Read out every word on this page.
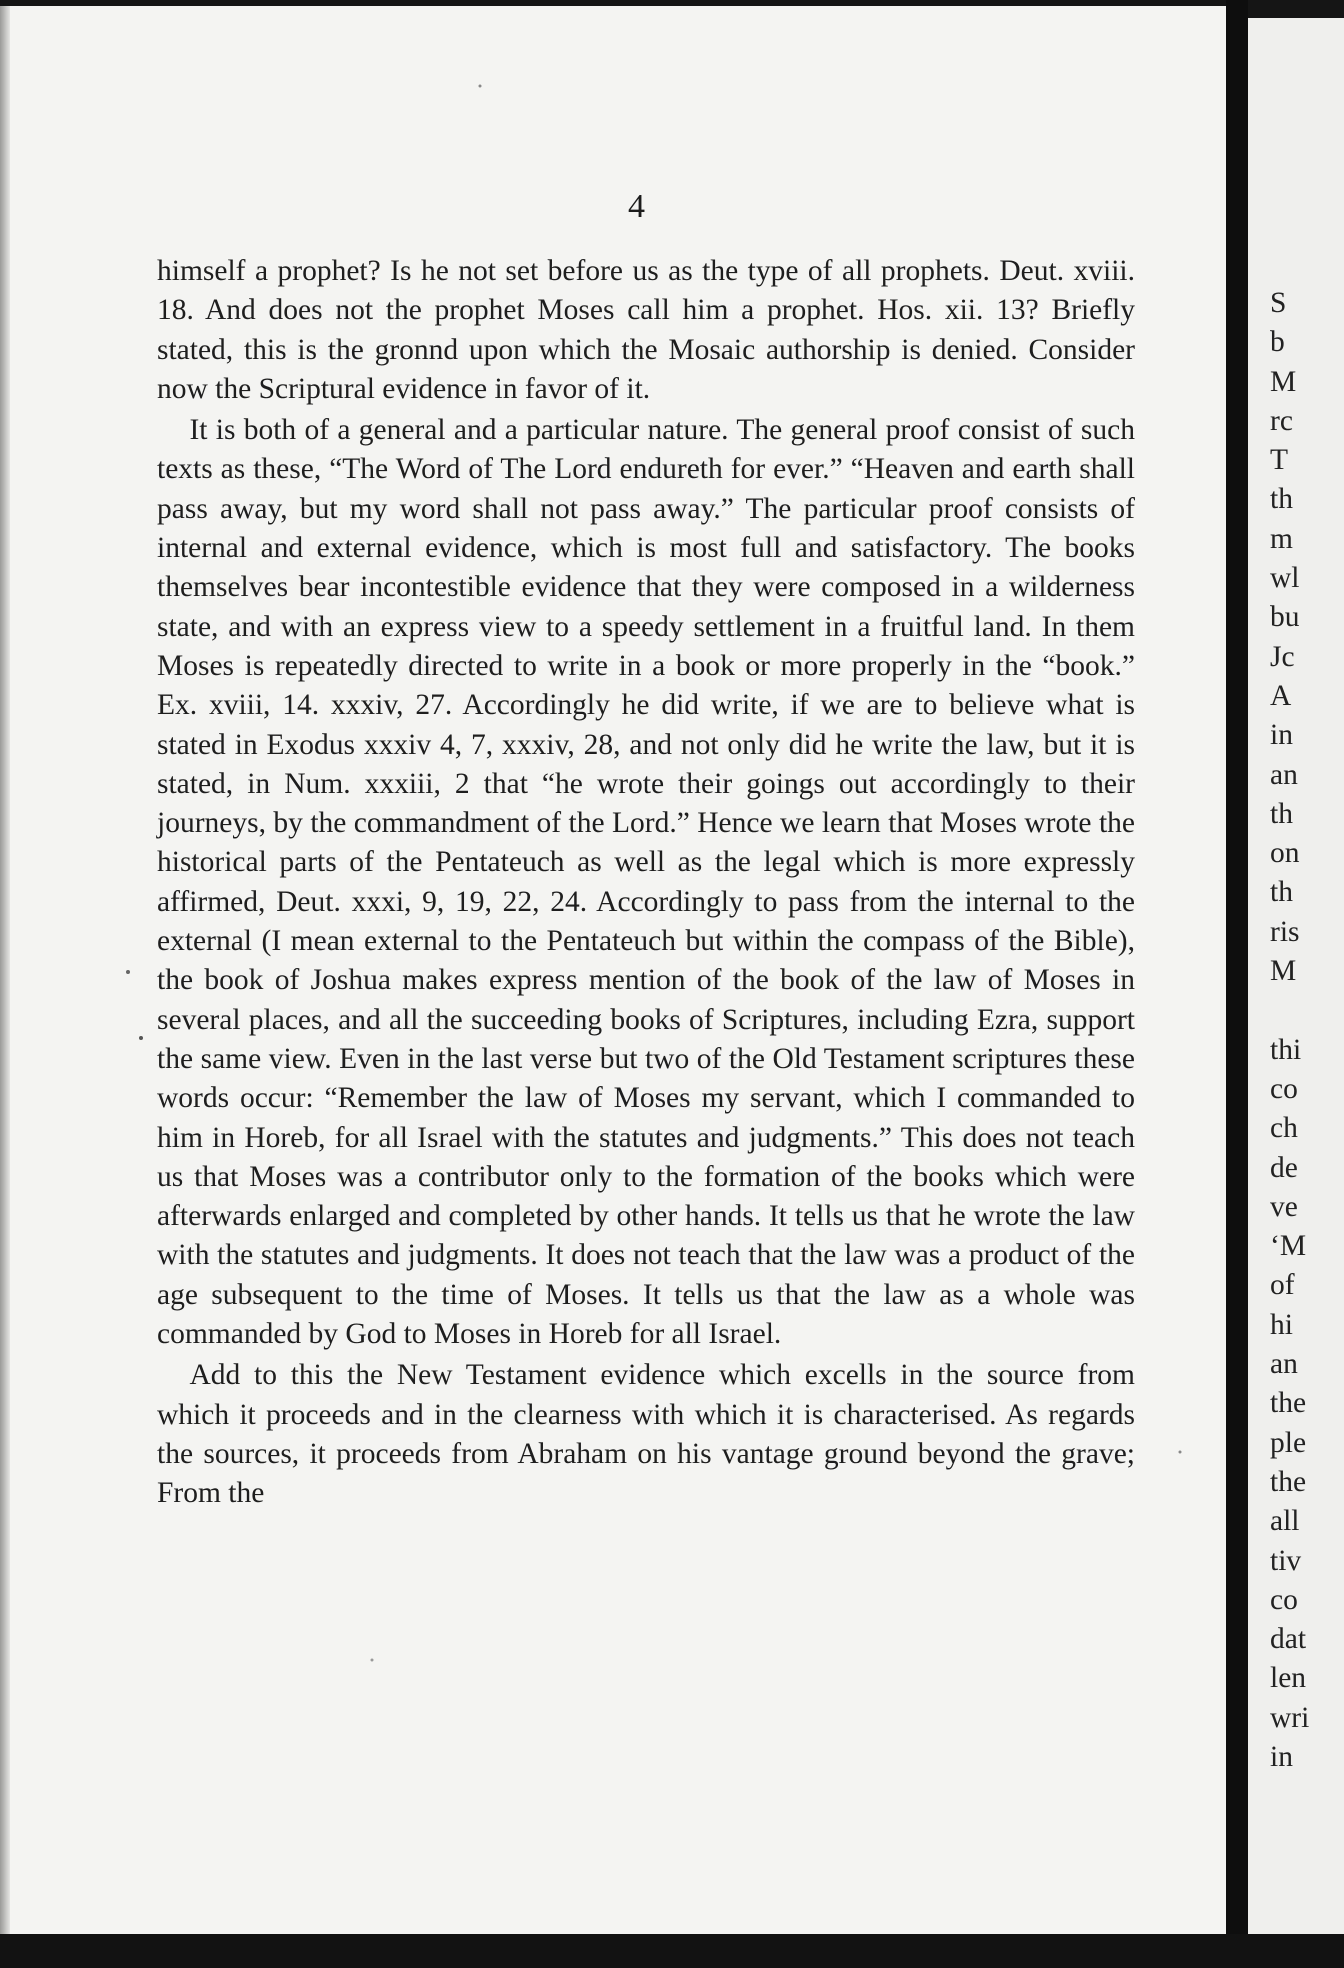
4

himself a prophet? Is he not set before us as the type of all prophets. Deut. xviii. 18. And does not the prophet Moses call him a prophet. Hos. xii. 13? Briefly stated, this is the gronnd upon which the Mosaic authorship is denied. Consider now the Scriptural evidence in favor of it.

It is both of a general and a particular nature. The general proof consist of such texts as these, “The Word of The Lord endureth for ever.” “Heaven and earth shall pass away, but my word shall not pass away.” The particular proof consists of internal and external evidence, which is most full and satisfactory. The books themselves bear incontestible evidence that they were composed in a wilderness state, and with an express view to a speedy settlement in a fruitful land. In them Moses is repeatedly directed to write in a book or more properly in the “book.” Ex. xviii, 14. xxxiv, 27. Accordingly he did write, if we are to believe what is stated in Exodus xxxiv 4, 7, xxxiv, 28, and not only did he write the law, but it is stated, in Num. xxxiii, 2 that “he wrote their goings out accordingly to their journeys, by the commandment of the Lord.” Hence we learn that Moses wrote the historical parts of the Pentateuch as well as the legal which is more expressly affirmed, Deut. xxxi, 9, 19, 22, 24. Accordingly to pass from the internal to the external (I mean external to the Pentateuch but within the compass of the Bible), the book of Joshua makes express mention of the book of the law of Moses in several places, and all the succeeding books of Scriptures, including Ezra, support the same view. Even in the last verse but two of the Old Testament scriptures these words occur: “Remember the law of Moses my servant, which I commanded to him in Horeb, for all Israel with the statutes and judgments.” This does not teach us that Moses was a contributor only to the formation of the books which were afterwards enlarged and completed by other hands. It tells us that he wrote the law with the statutes and judgments. It does not teach that the law was a product of the age subsequent to the time of Moses. It tells us that the law as a whole was commanded by God to Moses in Horeb for all Israel.

Add to this the New Testament evidence which excells in the source from which it proceeds and in the clearness with which it is characterised. As regards the sources, it proceeds from Abraham on his vantage ground beyond the grave; From the

S
b
M
rc
T
th
m
wl
bu
Jc
A
in
an
th
on
th
ris
M
thi
co
ch
de
ve
‘M
of
hi
an
the
ple
the
all
tiv
co
dat
len
wri
in
